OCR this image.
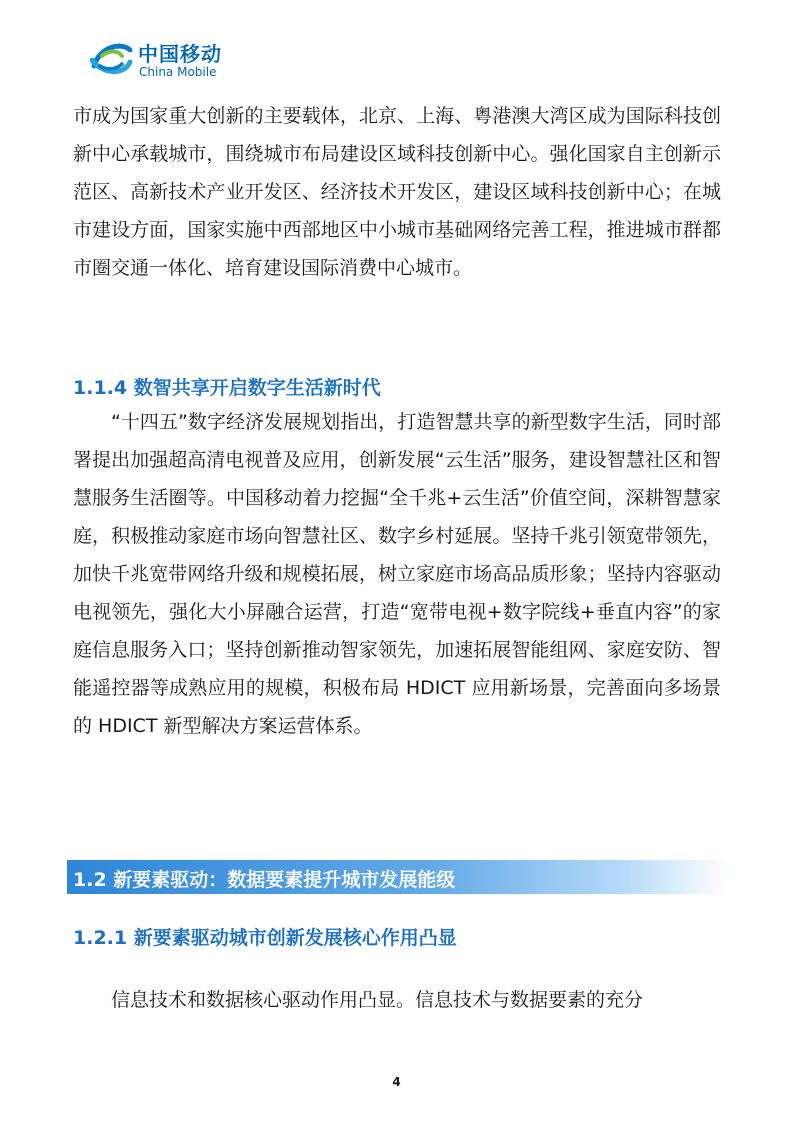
中国移动
China Mobile
市成为国家重大创新的主要载体，北京、上海、粤港澳大湾区成为国际科技创新中心承载城市，围绕城市布局建设区域科技创新中心。强化国家自主创新示范区、高新技术产业开发区、经济技术开发区，建设区域科技创新中心；在城市建设方面，国家实施中西部地区中小城市基础网络完善工程，推进城市群都市圈交通一体化、培育建设国际消费中心城市。
1.1.4 数智共享开启数字生活新时代
“十四五”数字经济发展规划指出，打造智慧共享的新型数字生活，同时部署提出加强超高清电视普及应用，创新发展“云生活”服务，建设智慧社区和智慧服务生活圈等。中国移动着力挖掘“全千兆+云生活”价值空间，深耕智慧家庭，积极推动家庭市场向智慧社区、数字乡村延展。坚持千兆引领宽带领先，加快千兆宽带网络升级和规模拓展，树立家庭市场高品质形象；坚持内容驱动电视领先，强化大小屏融合运营，打造“宽带电视+数字院线+垂直内容”的家庭信息服务入口；坚持创新推动智家领先，加速拓展智能组网、家庭安防、智能遥控器等成熟应用的规模，积极布局 HDICT 应用新场景，完善面向多场景的 HDICT 新型解决方案运营体系。
1.2 新要素驱动：数据要素提升城市发展能级
1.2.1 新要素驱动城市创新发展核心作用凸显
信息技术和数据核心驱动作用凸显。信息技术与数据要素的充分
4
